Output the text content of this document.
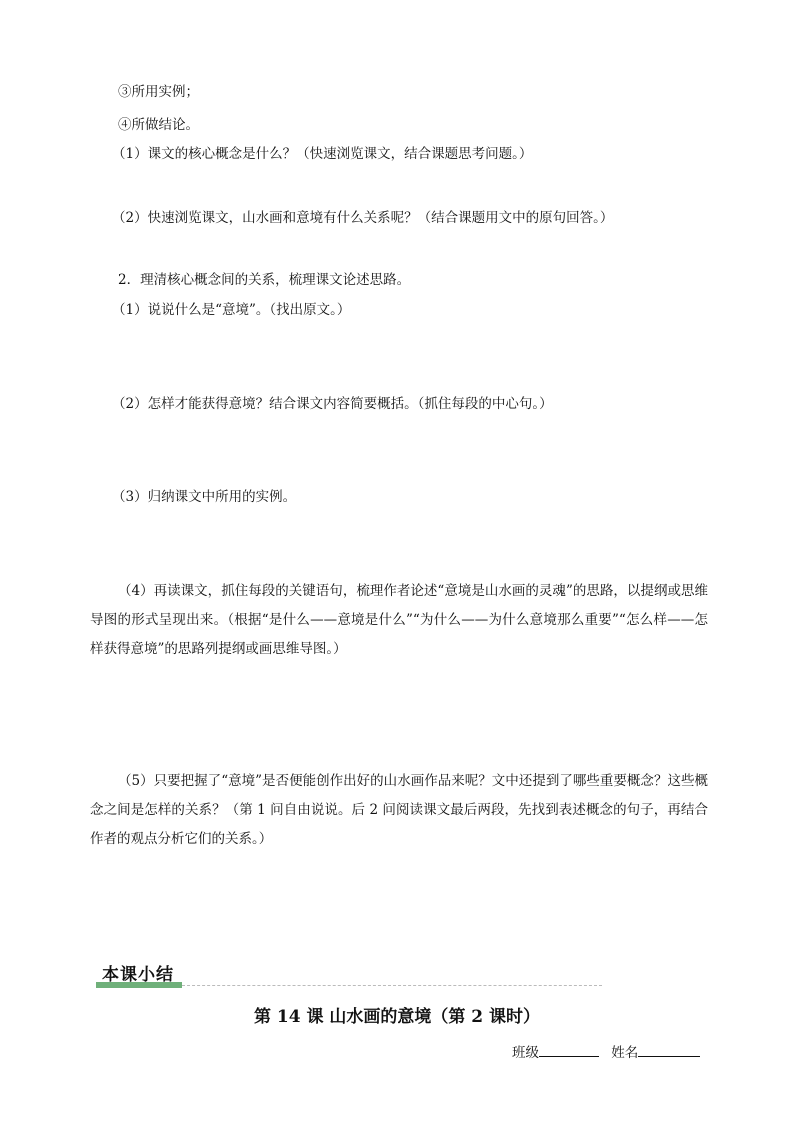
③所用实例；
④所做结论。
（1）课文的核心概念是什么？（快速浏览课文，结合课题思考问题。）
（2）快速浏览课文，山水画和意境有什么关系呢？（结合课题用文中的原句回答。）
2．理清核心概念间的关系，梳理课文论述思路。
（1）说说什么是“意境”。（找出原文。）
（2）怎样才能获得意境？结合课文内容简要概括。（抓住每段的中心句。）
（3）归纳课文中所用的实例。
（4）再读课文，抓住每段的关键语句，梳理作者论述“意境是山水画的灵魂”的思路，以提纲或思维导图的形式呈现出来。（根据“是什么——意境是什么”“为什么——为什么意境那么重要”“怎么样——怎样获得意境”的思路列提纲或画思维导图。）
（5）只要把握了“意境”是否便能创作出好的山水画作品来呢？文中还提到了哪些重要概念？这些概念之间是怎样的关系？（第 1 问自由说说。后 2 问阅读课文最后两段，先找到表述概念的句子，再结合作者的观点分析它们的关系。）
本课小结
第 14 课 山水画的意境（第 2 课时）
班级	姓名
